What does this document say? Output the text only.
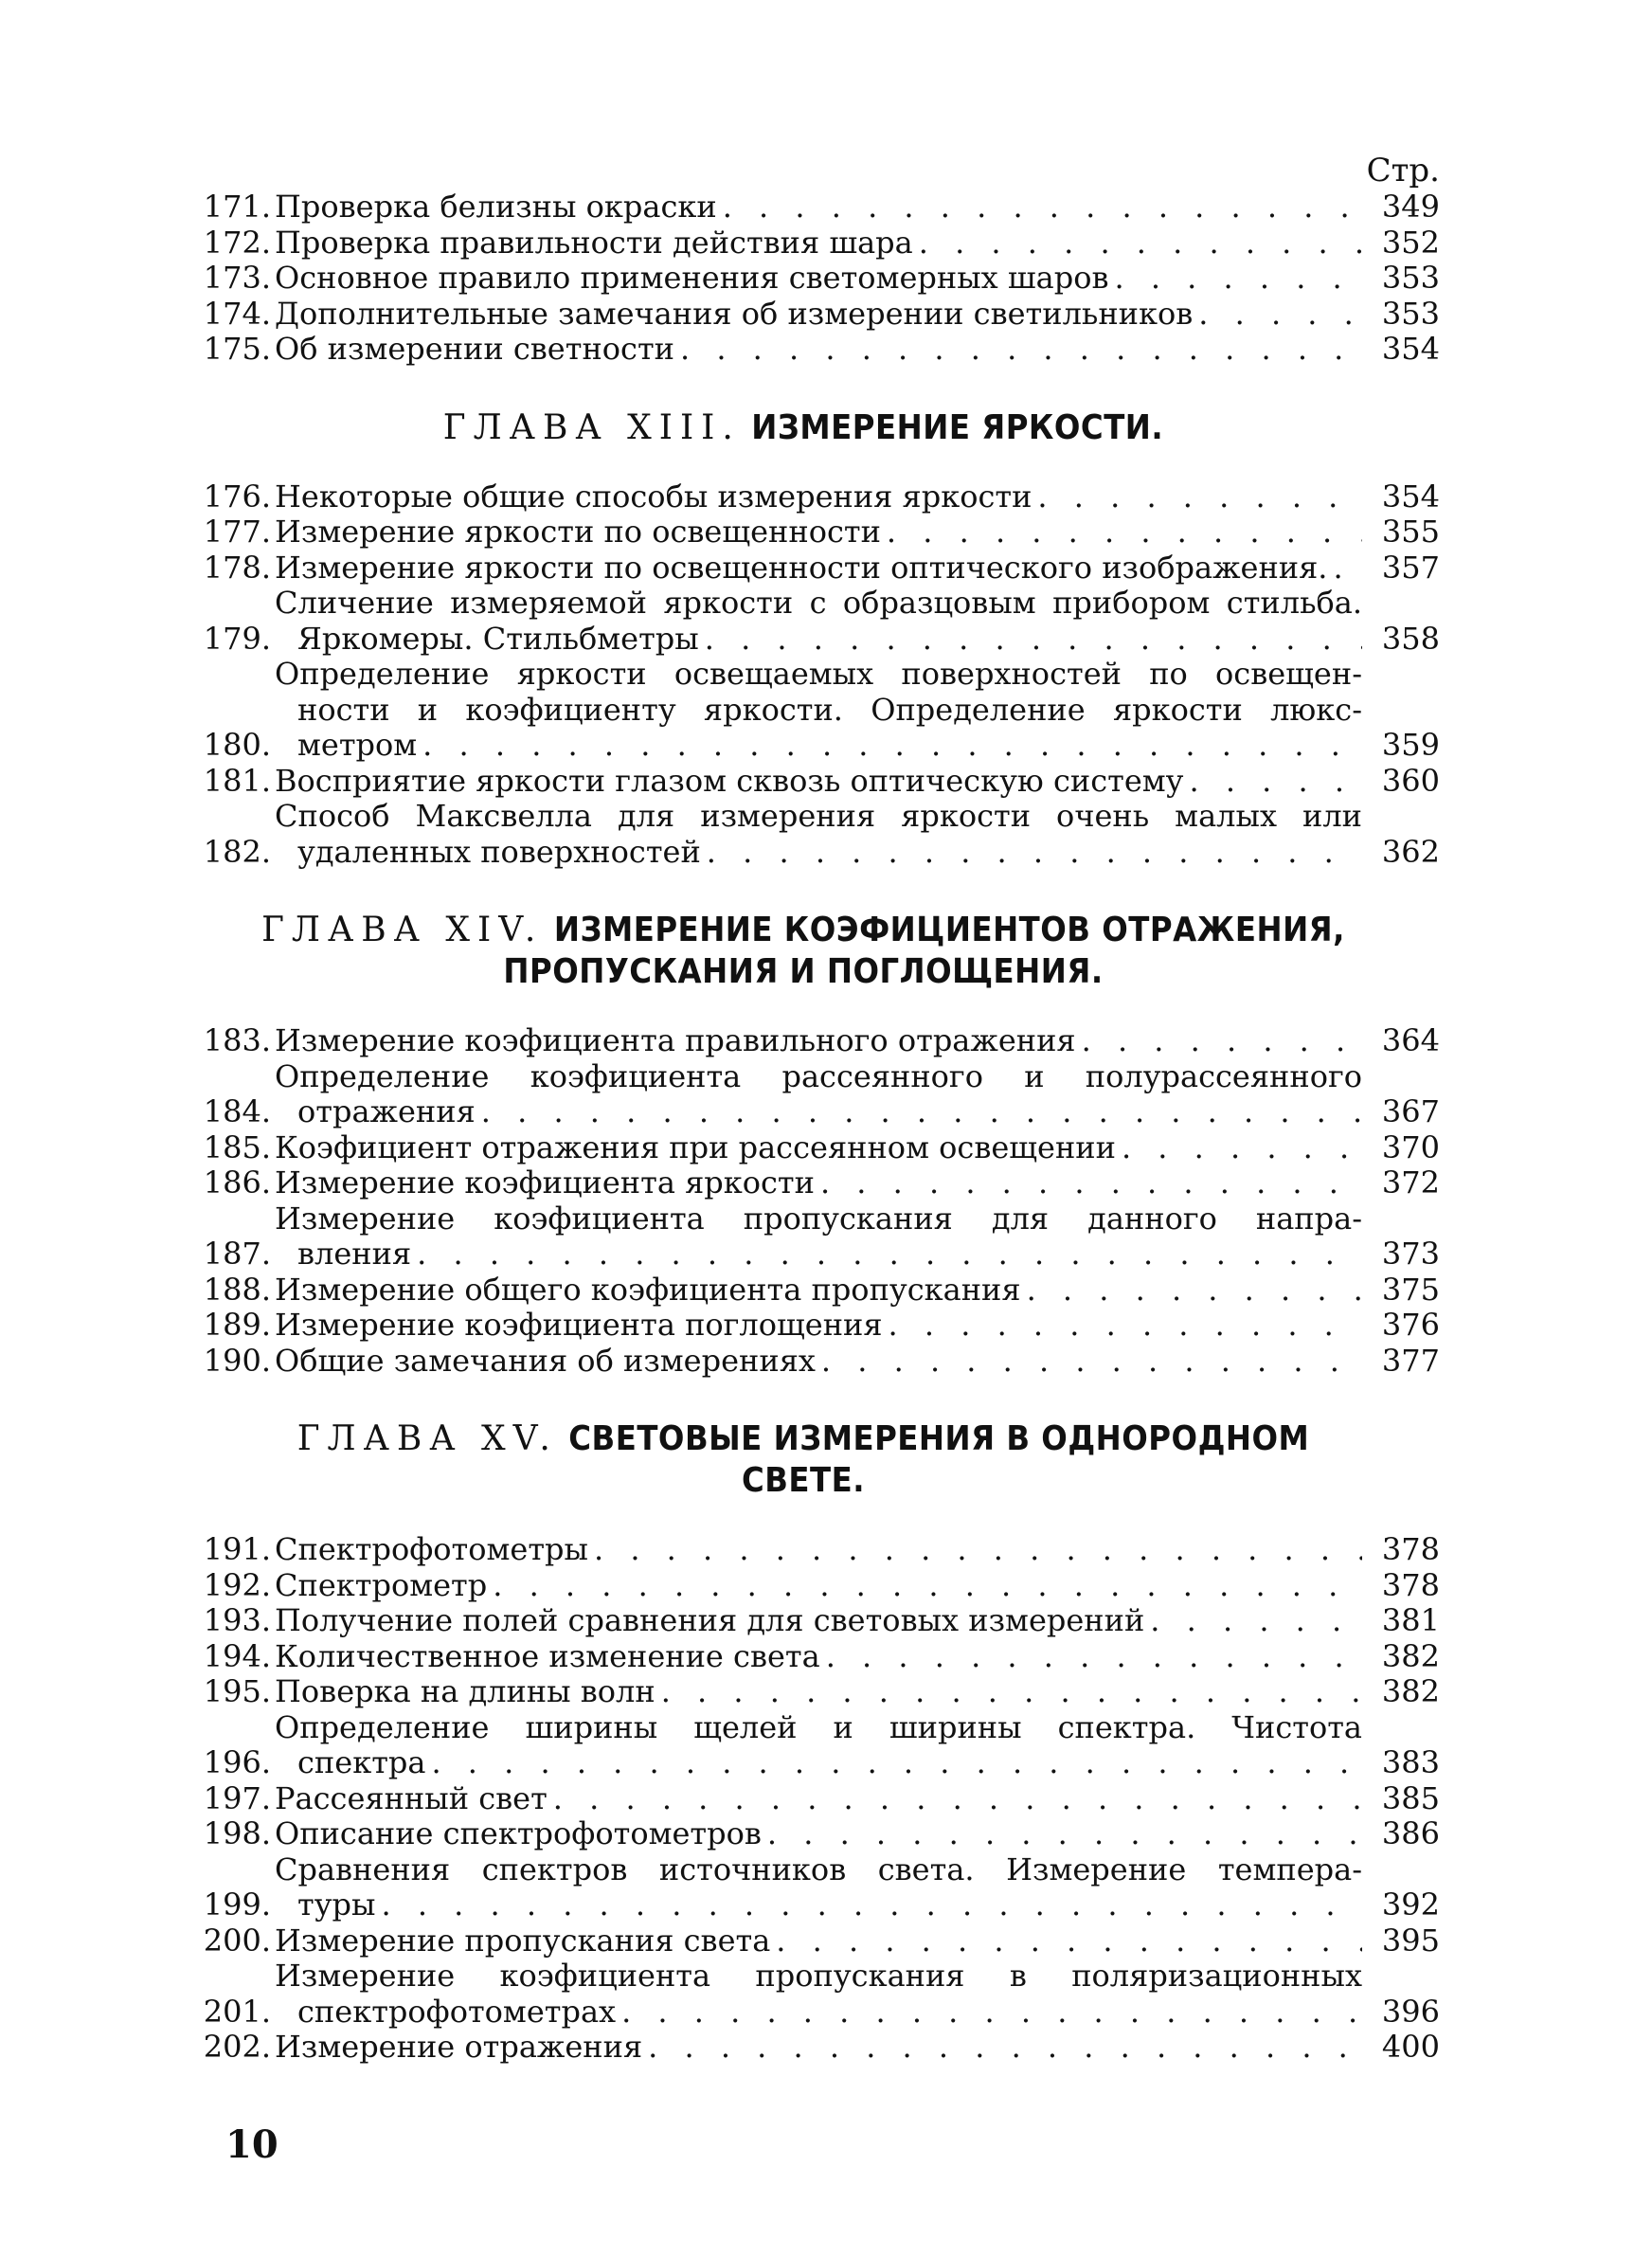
Стр.
171. Проверка белизны окраски . . .	349
172. Проверка правильности действия шара . . .	352
173. Основное правило применения светомерных шаров . . .	353
174. Дополнительные замечания об измерении светильников . . .	353
175. Об измерении светности . . .	354
ГЛАВА XIII. ИЗМЕРЕНИЕ ЯРКОСТИ.
176. Некоторые общие способы измерения яркости . . .	354
177. Измерение яркости по освещенности . . .	355
178. Измерение яркости по освещенности оптического изображения. . . .	357
179.
Сличение измеряемой яркости с образцовым прибором стильба.
Яркомеры. Стильбметры . . .	358
180.
Определение яркости освещаемых поверхностей по освещен-
ности и коэфициенту яркости. Определение яркости люкс-
метром . . .	359
181. Восприятие яркости глазом сквозь оптическую систему . . .	360
182.
Способ Максвелла для измерения яркости очень малых или
удаленных поверхностей . . .	362
ГЛАВА XIV. ИЗМЕРЕНИЕ КОЭФИЦИЕНТОВ ОТРАЖЕНИЯ, ПРОПУСКАНИЯ И ПОГЛОЩЕНИЯ.
183. Измерение коэфициента правильного отражения . . .	364
184.
Определение коэфициента рассеянного и полурассеянного
отражения . . .	367
185. Коэфициент отражения при рассеянном освещении . . .	370
186. Измерение коэфициента яркости . . .	372
187.
Измерение коэфициента пропускания для данного напра-
вления . . .	373
188. Измерение общего коэфициента пропускания . . .	375
189. Измерение коэфициента поглощения . . .	376
190. Общие замечания об измерениях . . .	377
ГЛАВА XV. СВЕТОВЫЕ ИЗМЕРЕНИЯ В ОДНОРОДНОМ СВЕТЕ.
191. Спектрофотометры . . .	378
192. Спектрометр . . .	378
193. Получение полей сравнения для световых измерений . . .	381
194. Количественное изменение света . . .	382
195. Поверка на длины волн . . .	382
196.
Определение ширины щелей и ширины спектра. Чистота
спектра . . .	383
197. Рассеянный свет . . .	385
198. Описание спектрофотометров . . .	386
199.
Сравнения спектров источников света. Измерение темпера-
туры . . .	392
200. Измерение пропускания света . . .	395
201.
Измерение коэфициента пропускания в поляризационных
спектрофотометрах . . .	396
202. Измерение отражения . . .	400
10
